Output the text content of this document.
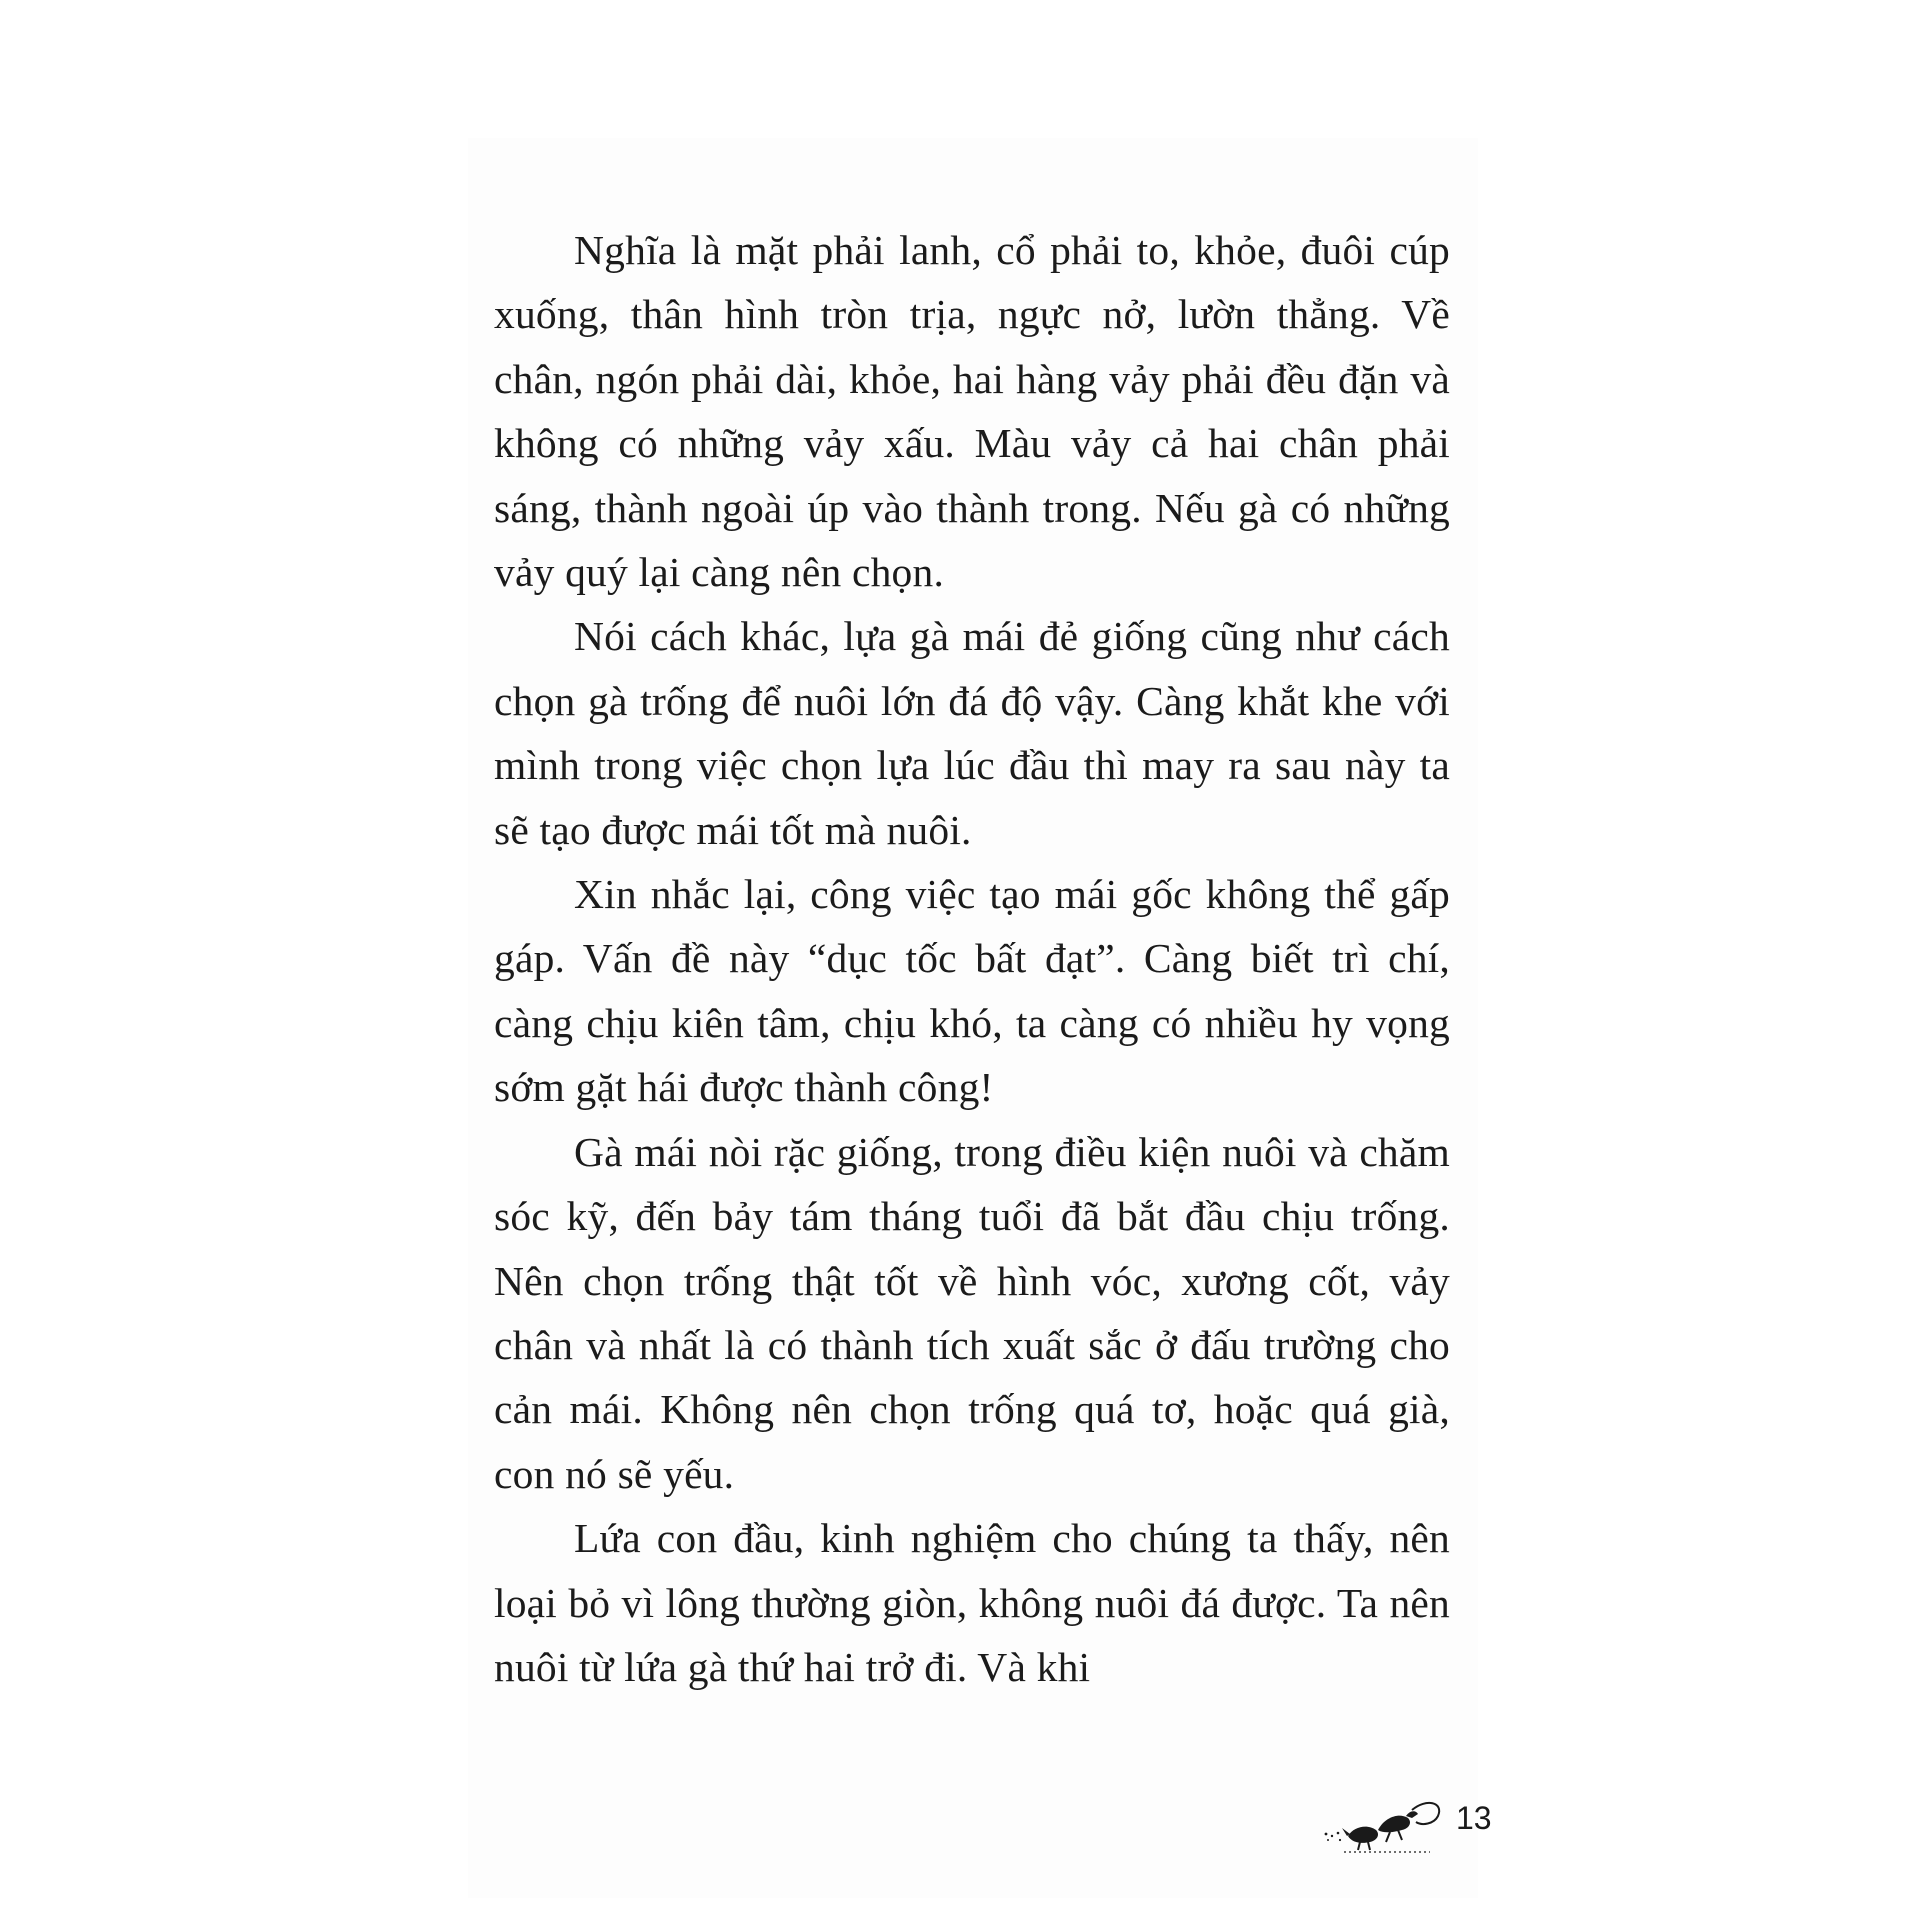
Nghĩa là mặt phải lanh, cổ phải to, khỏe, đuôi cúp xuống, thân hình tròn trịa, ngực nở, lườn thẳng. Về chân, ngón phải dài, khỏe, hai hàng vảy phải đều đặn và không có những vảy xấu. Màu vảy cả hai chân phải sáng, thành ngoài úp vào thành trong. Nếu gà có những vảy quý lại càng nên chọn.

Nói cách khác, lựa gà mái đẻ giống cũng như cách chọn gà trống để nuôi lớn đá độ vậy. Càng khắt khe với mình trong việc chọn lựa lúc đầu thì may ra sau này ta sẽ tạo được mái tốt mà nuôi.

Xin nhắc lại, công việc tạo mái gốc không thể gấp gáp. Vấn đề này “dục tốc bất đạt”. Càng biết trì chí, càng chịu kiên tâm, chịu khó, ta càng có nhiều hy vọng sớm gặt hái được thành công!

Gà mái nòi rặc giống, trong điều kiện nuôi và chăm sóc kỹ, đến bảy tám tháng tuổi đã bắt đầu chịu trống. Nên chọn trống thật tốt về hình vóc, xương cốt, vảy chân và nhất là có thành tích xuất sắc ở đấu trường cho cản mái. Không nên chọn trống quá tơ, hoặc quá già, con nó sẽ yếu.

Lứa con đầu, kinh nghiệm cho chúng ta thấy, nên loại bỏ vì lông thường giòn, không nuôi đá được. Ta nên nuôi từ lứa gà thứ hai trở đi. Và khi

13
